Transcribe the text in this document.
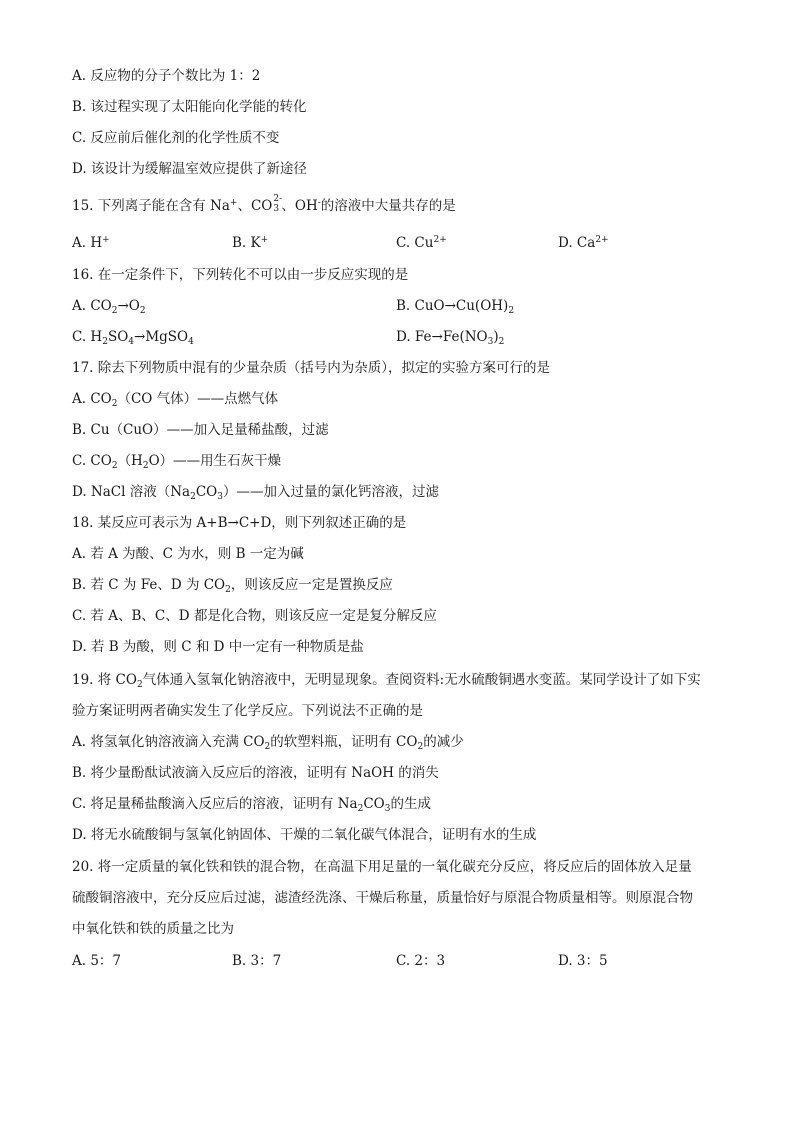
A. 反应物的分子个数比为 1：2
B. 该过程实现了太阳能向化学能的转化
C. 反应前后催化剂的化学性质不变
D. 该设计为缓解温室效应提供了新途径
15. 下列离子能在含有 Na+、CO 2-
3 、OH-的溶液中大量共存的是
A. H+	B. K+	C. $Cu^{2+}$	D. $Ca^{2+}$
16. 在一定条件下，下列转化不可以由一步反应实现的是
A. $CO_2\to O_2$	B. $CuO\to Cu(OH)_2$
C. $H_2SO_4\to MgSO_4$	D. $Fe\to Fe(NO_3)_2$
17. 除去下列物质中混有的少量杂质（括号内为杂质），拟定的实验方案可行的是
A. $CO_2(CO$ 气体）——点燃气体
B. Cu（CuO）——加入足量稀盐酸，过滤
C. $CO_2(H_2O)——$用生石灰干燥
D. NaCl 溶液$(Na_2CO_3)——$加入过量的氯化钙溶液，过滤
18. 某反应可表示为 A+B→C+D，则下列叙述正确的是
A. 若 A 为酸、C 为水，则 B 一定为碱
B. 若 C 为 Fe、D 为 $CO_2$，则该反应一定是置换反应
C. 若 A、B、C、D 都是化合物，则该反应一定是复分解反应
D. 若 B 为酸，则 C 和 D 中一定有一种物质是盐
19. 将 $CO_2$气体通入氢氧化钠溶液中，无明显现象。查阅资料:无水硫酸铜遇水变蓝。某同学设计了如下实
验方案证明两者确实发生了化学反应。下列说法不正确的是
A. 将氢氧化钠溶液滴入充满 $CO_2$的软塑料瓶，证明有 $CO_2$的减少
B. 将少量酚酞试液滴入反应后的溶液，证明有 NaOH 的消失
C. 将足量稀盐酸滴入反应后的溶液，证明有 $Na_2CO_3$的生成
D. 将无水硫酸铜与氢氧化钠固体、干燥的二氧化碳气体混合，证明有水的生成
20. 将一定质量的氧化铁和铁的混合物，在高温下用足量的一氧化碳充分反应，将反应后的固体放入足量
硫酸铜溶液中，充分反应后过滤，滤渣经洗涤、干燥后称量，质量恰好与原混合物质量相等。则原混合物
中氧化铁和铁的质量之比为
A. 5：7	B. 3：7	C. 2：3	D. 3：5
